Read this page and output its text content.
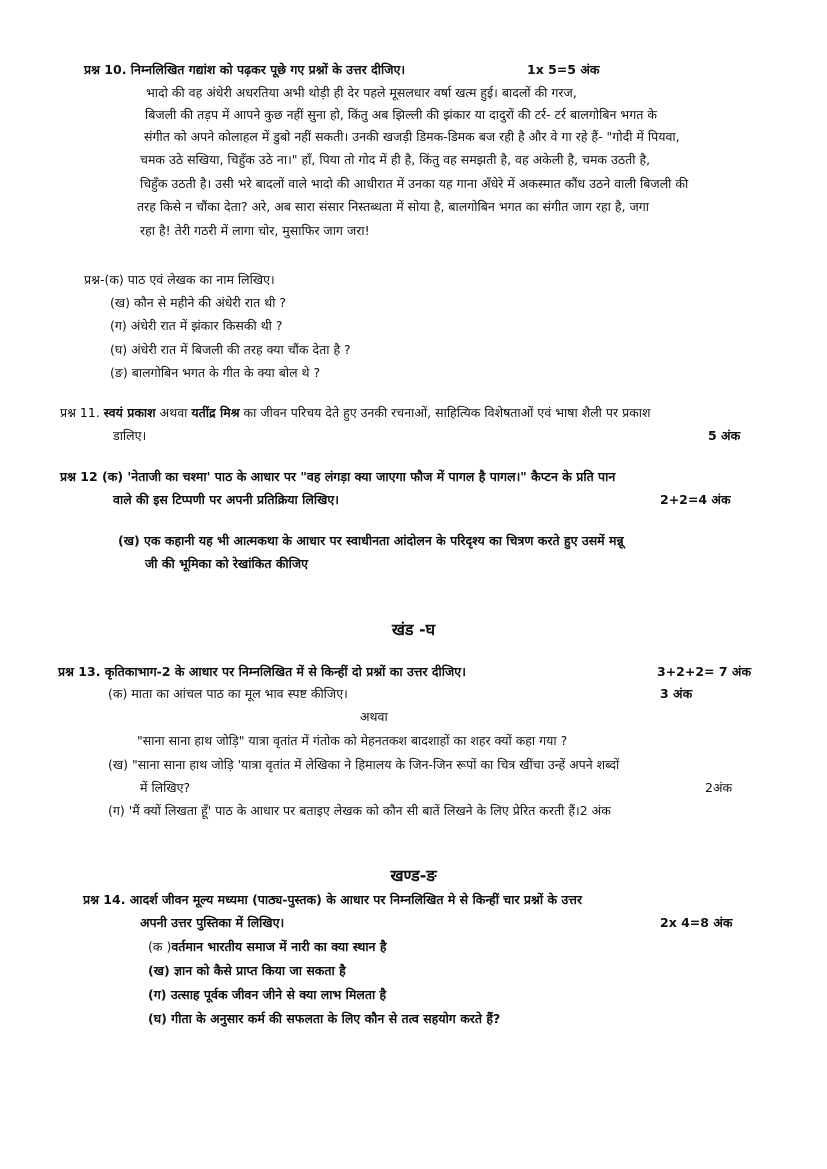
प्रश्न 10. निम्नलिखित गद्यांश को पढ़कर पूछे गए प्रश्नों के उत्तर दीजिए।	1x 5=5 अंक
भादो की वह अंधेरी अधरतिया अभी थोड़ी ही देर पहले मूसलधार वर्षा खत्म हुई। बादलों की गरज,
बिजली की तड़प में आपने कुछ नहीं सुना हो, किंतु अब झिल्ली की झंकार या दादुरों की टर्र- टर्र बालगोबिन भगत के
संगीत को अपने कोलाहल में डुबो नहीं सकती। उनकी खजड़ी डिमक-डिमक बज रही है और वे गा रहे हैं- "गोदी में पियवा,
चमक उठे सखिया, चिहुँक उठे ना।" हाँ, पिया तो गोद में ही है, किंतु वह समझती है, वह अकेली है, चमक उठती है,
चिहुँक उठती है। उसी भरे बादलों वाले भादो की आधीरात में उनका यह गाना अँधेरे में अकस्मात कौंध उठने वाली बिजली की
तरह किसे न चौंका देता? अरे, अब सारा संसार निस्तब्धता में सोया है, बालगोबिन भगत का संगीत जाग रहा है, जगा
रहा है! तेरी गठरी में लागा चोर, मुसाफिर जाग जरा!
प्रश्न-(क) पाठ एवं लेखक का नाम लिखिए।
(ख) कौन से महीने की अंधेरी रात थी ?
(ग) अंधेरी रात में झंकार किसकी थी ?
(घ) अंधेरी रात में बिजली की तरह क्या चौंक देता है ?
(ङ) बालगोबिन भगत के गीत के क्या बोल थे ?
प्रश्न 11. स्वयं प्रकाश अथवा यतींद्र मिश्र का जीवन परिचय देते हुए उनकी रचनाओं, साहित्यिक विशेषताओं एवं भाषा शैली पर प्रकाश
डालिए।	5 अंक
प्रश्न 12 (क) 'नेताजी का चश्मा' पाठ के आधार पर "वह लंगड़ा क्या जाएगा फौज में पागल है पागल।" कैप्टन के प्रति पान
वाले की इस टिप्पणी पर अपनी प्रतिक्रिया लिखिए।	2+2=4 अंक
(ख) एक कहानी यह भी आत्मकथा के आधार पर स्वाधीनता आंदोलन के परिदृश्य का चित्रण करते हुए उसमें मन्नू
जी की भूमिका को रेखांकित कीजिए
खंड -घ
प्रश्न 13. कृतिकाभाग-2 के आधार पर निम्नलिखित में से किन्हीं दो प्रश्नों का उत्तर दीजिए।	3+2+2= 7 अंक
(क) माता का आंचल पाठ का मूल भाव स्पष्ट कीजिए।	3 अंक
अथवा
"साना साना हाथ जोड़ि" यात्रा वृतांत में गंतोक को मेहनतकश बादशाहों का शहर क्यों कहा गया ?
(ख) "साना साना हाथ जोड़ि 'यात्रा वृतांत में लेखिका ने हिमालय के जिन-जिन रूपों का चित्र खींचा उन्हें अपने शब्दों
में लिखिए?	2अंक
(ग) 'मैं क्यों लिखता हूँ' पाठ के आधार पर बताइए लेखक को कौन सी बातें लिखने के लिए प्रेरित करती हैं।2 अंक
खण्ड-ङ
प्रश्न 14. आदर्श जीवन मूल्य मध्यमा (पाठ्य-पुस्तक) के आधार पर निम्नलिखित मे से किन्हीं चार प्रश्नों के उत्तर
अपनी उत्तर पुस्तिका में लिखिए।	2x 4=8 अंक
(क )वर्तमान भारतीय समाज में नारी का क्या स्थान है
(ख) ज्ञान को कैसे प्राप्त किया जा सकता है
(ग) उत्साह पूर्वक जीवन जीने से क्या लाभ मिलता है
(घ) गीता के अनुसार कर्म की सफलता के लिए कौन से तत्व सहयोग करते हैं?
